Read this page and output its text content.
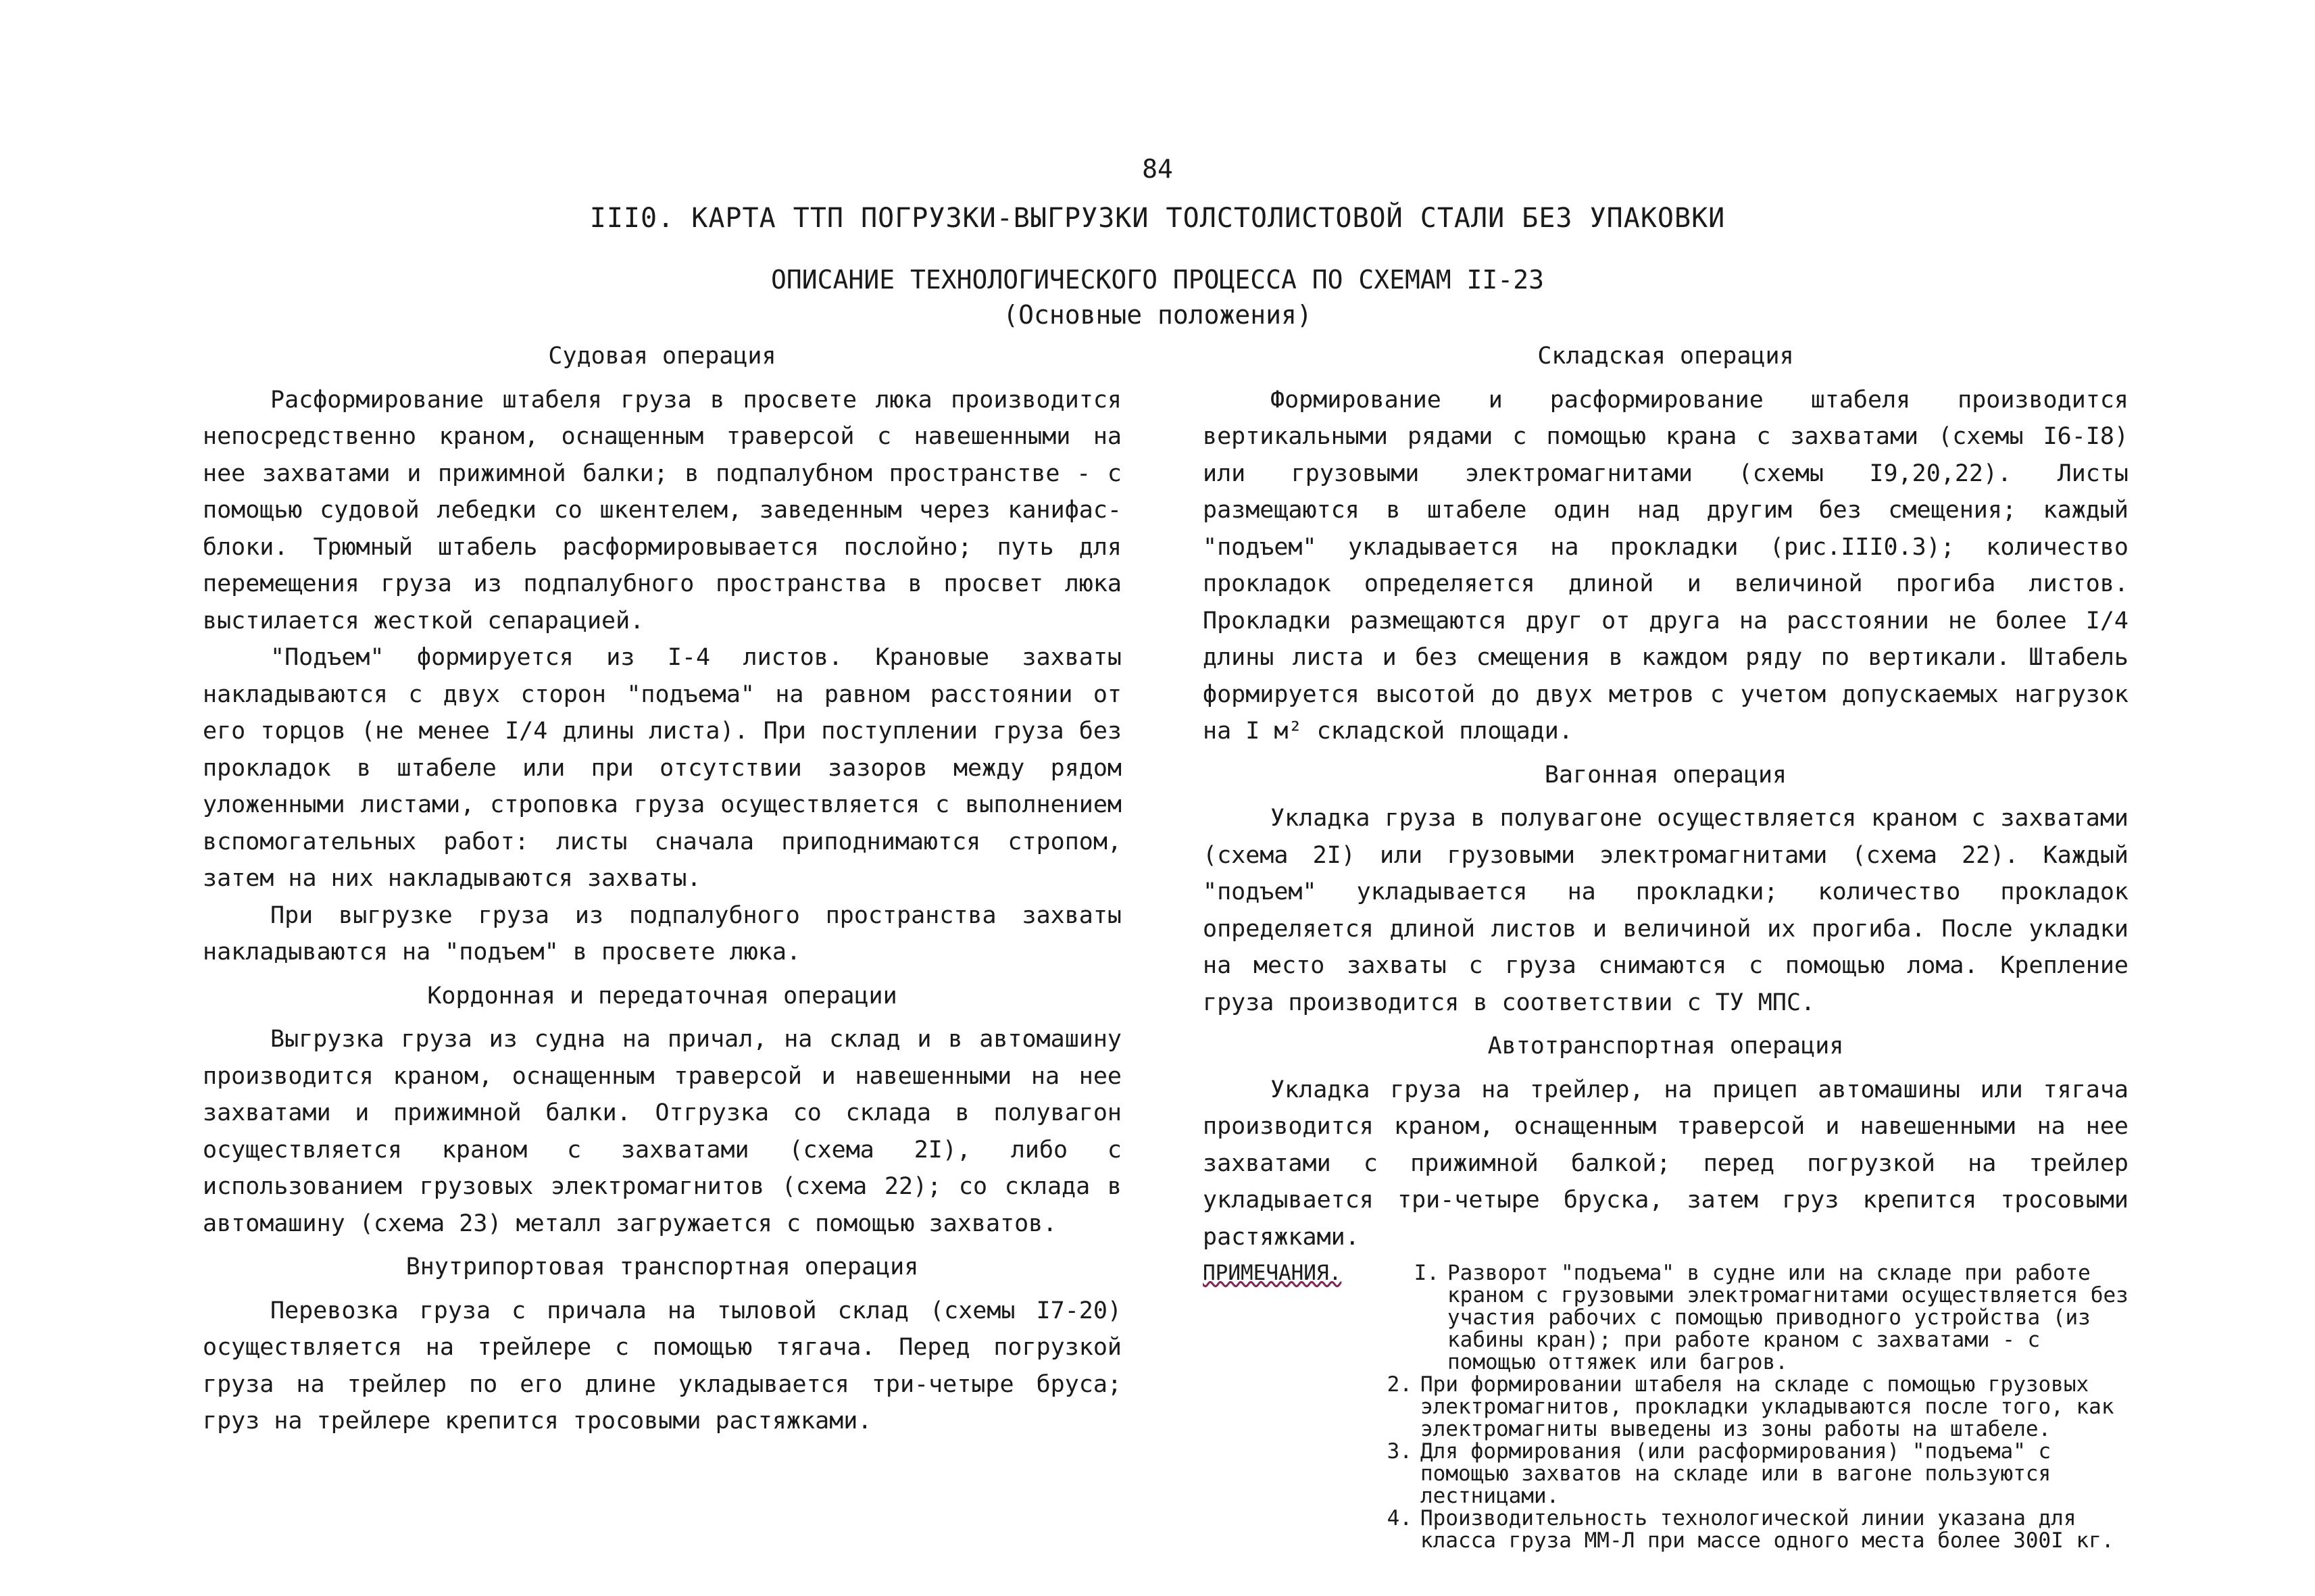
84
III0. КАРТА ТТП ПОГРУЗКИ-ВЫГРУЗКИ ТОЛСТОЛИСТОВОЙ СТАЛИ БЕЗ УПАКОВКИ
ОПИСАНИЕ ТЕХНОЛОГИЧЕСКОГО ПРОЦЕССА ПО СХЕМАМ II-23
(Основные положения)
Судовая операция

Расформирование штабеля груза в просвете люка производится непосредственно краном, оснащенным траверсой с навешенными на нее захватами и прижимной балки; в подпалубном пространстве - с помощью судовой лебедки со шкентелем, заведенным через канифас-блоки. Трюмный штабель расформировывается послойно; путь для перемещения груза из подпалубного пространства в просвет люка выстилается жесткой сепарацией.

"Подъем" формируется из I-4 листов. Крановые захваты накладываются с двух сторон "подъема" на равном расстоянии от его торцов (не менее I/4 длины листа). При поступлении груза без прокладок в штабеле или при отсутствии зазоров между рядом уложенными листами, строповка груза осуществляется с выполнением вспомогательных работ: листы сначала приподнимаются стропом, затем на них накладываются захваты.

При выгрузке груза из подпалубного пространства захваты накладываются на "подъем" в просвете люка.

Кордонная и передаточная операции

Выгрузка груза из судна на причал, на склад и в автомашину производится краном, оснащенным траверсой и навешенными на нее захватами и прижимной балки. Отгрузка со склада в полувагон осуществляется краном с захватами (схема 2I), либо с использованием грузовых электромагнитов (схема 22); со склада в автомашину (схема 23) металл загружается с помощью захватов.

Внутрипортовая транспортная операция

Перевозка груза с причала на тыловой склад (схемы I7-20) осуществляется на трейлере с помощью тягача. Перед погрузкой груза на трейлер по его длине укладывается три-четыре бруса; груз на трейлере крепится тросовыми растяжками.

Складская операция

Формирование и расформирование штабеля производится вертикальными рядами с помощью крана с захватами (схемы I6-I8) или грузовыми электромагнитами (схемы I9,20,22). Листы размещаются в штабеле один над другим без смещения; каждый "подъем" укладывается на прокладки (рис.III0.3); количество прокладок определяется длиной и величиной прогиба листов. Прокладки размещаются друг от друга на расстоянии не более I/4 длины листа и без смещения в каждом ряду по вертикали. Штабель формируется высотой до двух метров с учетом допускаемых нагрузок на I м² складской площади.

Вагонная операция

Укладка груза в полувагоне осуществляется краном с захватами (схема 2I) или грузовыми электромагнитами (схема 22). Каждый "подъем" укладывается на прокладки; количество прокладок определяется длиной листов и величиной их прогиба. После укладки на место захваты с груза снимаются с помощью лома. Крепление груза производится в соответствии с ТУ МПС.

Автотранспортная операция

Укладка груза на трейлер, на прицеп автомашины или тягача производится краном, оснащенным траверсой и навешенными на нее захватами с прижимной балкой; перед погрузкой на трейлер укладывается три-четыре бруска, затем груз крепится тросовыми растяжками.

ПРИМЕЧАНИЯ.	I. Разворот "подъема" в судне или на складе при работе краном с грузовыми электромагнитами осуществляется без участия рабочих с помощью приводного устройства (из кабины кран); при работе краном с захватами - с помощью оттяжек или багров.
2. При формировании штабеля на складе с помощью грузовых электромагнитов, прокладки укладываются после того, как электромагниты выведены из зоны работы на штабеле.
3. Для формирования (или расформирования) "подъема" с помощью захватов на складе или в вагоне пользуются лестницами.
4. Производительность технологической линии указана для класса груза ММ-Л при массе одного места более 300I кг.
